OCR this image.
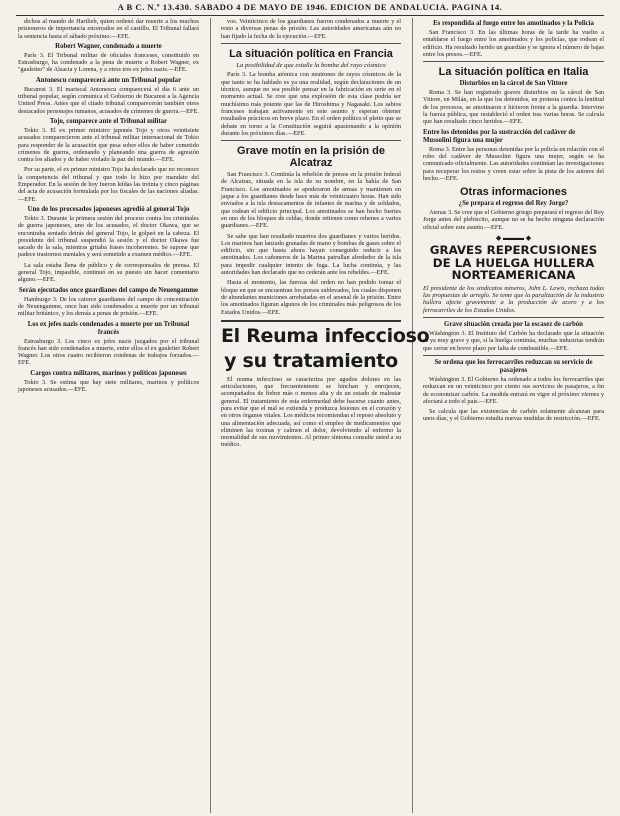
A B C. N.º 13.430. SABADO 4 DE MAYO DE 1946. EDICION DE ANDALUCIA. PAGINA 14.

dichos al mando de Hartlieb, quien ordenó dar muerte a los muchos prisioneros de importancia encerrados en el castillo. El Tribunal fallará la sentencia hasta el sábado próximo.—EFE.

Robert Wagner, condenado a muerte

París 3. El Tribunal militar de oficiales franceses, constituido en Estrasburgo, ha condenado a la pena de muerte a Robert Wagner, ex "gauleiter" de Alsacia y Lorena, y a otros tres ex jefes nazis.—EFE.

Antonescu comparecerá ante un Tribunal popular

Bucarest 3. El mariscal Antonescu comparecerá el día 6 ante un tribunal popular, según comunica el Gobierno de Bucarest a la Agencia United Press. Antes que el citado tribunal comparecerán también otros destacados personajes rumanos, acusados de crímenes de guerra.—EFE.

Tojo, comparece ante el Tribunal militar

Tokio 3. El ex primer ministro japonés Tojo y otros veintisiete acusados comparecieron ante el tribunal militar internacional de Tokio para responder de la acusación que pesa sobre ellos de haber cometido crímenes de guerra, ordenando y planeando una guerra de agresión contra los aliados y de haber violado la paz del mundo.—EFE.

Por su parte, el ex primer ministro Tojo ha declarado que no reconoce la competencia del tribunal y que todo lo hizo por mandato del Emperador. En la sesión de hoy fueron leídas las treinta y cinco páginas del acta de acusación formulada por los fiscales de las naciones aliadas.—EFE.

Uno de los procesados japoneses agredió al general Tojo

Tokio 3. Durante la primera sesión del proceso contra los criminales de guerra japoneses, uno de los acusados, el doctor Okawa, que se encontraba sentado detrás del general Tojo, le golpeó en la cabeza. El presidente del tribunal suspendió la sesión y el doctor Okawa fue sacado de la sala, mientras gritaba frases incoherentes. Se supone que padece trastornos mentales y será sometido a examen médico.—EFE.

La sala estaba llena de público y de corresponsales de prensa. El general Tojo, impasible, continuó en su puesto sin hacer comentario alguno.—EFE.

Serán ejecutados once guardianes del campo de Neuengamme

Hamburgo 3. De los catorce guardianes del campo de concentración de Neuengamme, once han sido condenados a muerte por un tribunal militar británico, y los demás a penas de prisión.—EFE.

Los ex jefes nazis condenados a muerte por un Tribunal francés

Estrasburgo 3. Los cinco ex jefes nazis juzgados por el tribunal francés han sido condenados a muerte, entre ellos el ex gauleiter Robert Wagner. Los otros cuatro recibieron condenas de trabajos forzados.—EFE.

Cargos contra militares, marinos y políticos japoneses

Tokio 3. Se estima que hay siete militares, marinos y políticos japoneses acusados.—EFE.

vos. Veinticinco de los guardianes fueron condenados a muerte y el resto a diversas penas de prisión. Las autoridades americanas aún no han fijado la fecha de la ejecución.—EFE.

La situación política en Francia
La posibilidad de que estalle la bomba del rayo cósmico

París 3. La bomba atómica con neutrones de rayos cósmicos de la que tanto se ha hablado es ya una realidad, según declaraciones de un técnico, aunque no sea posible pensar en la fabricación en serie en el momento actual. Se cree que una explosión de esta clase podría ser muchísimo más potente que las de Hiroshima y Nagasaki. Los sabios franceses trabajan activamente en este asunto y esperan obtener resultados prácticos en breve plazo. En el orden político el pleito que se debate en torno a la Constitución seguirá apasionando a la opinión durante los próximos días.—EFE.

Grave motín en la prisión de Alcatraz

San Francisco 3. Continúa la rebelión de presos en la prisión federal de Alcatraz, situada en la isla de su nombre, en la bahía de San Francisco. Los amotinados se apoderaron de armas y mantienen en jaque a los guardianes desde hace más de veinticuatro horas. Han sido enviados a la isla destacamentos de infantes de marina y de soldados, que rodean el edificio principal. Los amotinados se han hecho fuertes en uno de los bloques de celdas, donde retienen como rehenes a varios guardianes.—EFE.

Se sabe que han resultado muertos dos guardianes y varios heridos. Los marinos han lanzado granadas de mano y bombas de gases sobre el edificio, sin que hasta ahora hayan conseguido reducir a los amotinados. Los cañoneros de la Marina patrullan alrededor de la isla para impedir cualquier intento de fuga. La lucha continúa, y las autoridades han declarado que no cederán ante los rebeldes.—EFE.

Hasta el momento, las fuerzas del orden no han podido tomar el bloque en que se encuentran los presos sublevados, los cuales disponen de abundantes municiones arrebatadas en el arsenal de la prisión. Entre los amotinados figuran algunos de los criminales más peligrosos de los Estados Unidos.—EFE.

El Reuma infeccioso
y su tratamiento

El reuma infeccioso se caracteriza por agudos dolores en las articulaciones, que frecuentemente se hinchan y enrojecen, acompañados de fiebre más o menos alta y de un estado de malestar general. El tratamiento de esta enfermedad debe hacerse cuanto antes, para evitar que el mal se extienda y produzca lesiones en el corazón y en otros órganos vitales. Los médicos recomiendan el reposo absoluto y una alimentación adecuada, así como el empleo de medicamentos que eliminen las toxinas y calmen el dolor, devolviendo al enfermo la normalidad de sus movimientos. Al primer síntoma consulte usted a su médico.

Es respondida al fuego entre los amotinados y la Policía

San Francisco 3. En las últimas horas de la tarde ha vuelto a entablarse el fuego entre los amotinados y los policías, que rodean el edificio. Ha resultado herido un guardián y se ignora el número de bajas entre los presos.—EFE.

La situación política en Italia
Disturbios en la cárcel de San Vittore

Roma 3. Se han registrado graves disturbios en la cárcel de San Vittore, en Milán, en la que los detenidos, en protesta contra la lentitud de los procesos, se amotinaron e hicieron frente a la guardia. Intervino la fuerza pública, que restableció el orden tras varias horas. Se calcula que han resultado cinco heridos.—EFE.

Entre los detenidos por la sustracción del cadáver de Mussolini figura una mujer

Roma 3. Entre las personas detenidas por la policía en relación con el robo del cadáver de Mussolini figura una mujer, según se ha comunicado oficialmente. Las autoridades continúan las investigaciones para recuperar los restos y creen estar sobre la pista de los autores del hecho.—EFE.

Otras informaciones
¿Se prepara el regreso del Rey Jorge?

Atenas 3. Se cree que el Gobierno griego preparará el regreso del Rey Jorge antes del plebiscito, aunque no se ha hecho ninguna declaración oficial sobre este asunto.—EFE.

◆ ▬▬▬ ◆
GRAVES REPERCUSIONES DE LA HUELGA HULLERA NORTEAMERICANA
El presidente de los sindicatos mineros, John L. Lewis, rechaza todas las propuestas de arreglo. Se teme que la paralización de la industria hullera afecte gravemente a la producción de acero y a los ferrocarriles de los Estados Unidos.
Grave situación creada por la escasez de carbón

Wáshington 3. El Instituto del Carbón ha declarado que la situación es ya muy grave y que, si la huelga continúa, muchas industrias tendrán que cerrar en breve plazo por falta de combustible.—EFE.

Se ordena que los ferrocarriles reduzcan su servicio de pasajeros

Wáshington 3. El Gobierno ha ordenado a todos los ferrocarriles que reduzcan en un veinticinco por ciento sus servicios de pasajeros, a fin de economizar carbón. La medida entrará en vigor el próximo viernes y afectará a todo el país.—EFE.

Se calcula que las existencias de carbón solamente alcanzan para unos días, y el Gobierno estudia nuevas medidas de restricción.—EFE.
